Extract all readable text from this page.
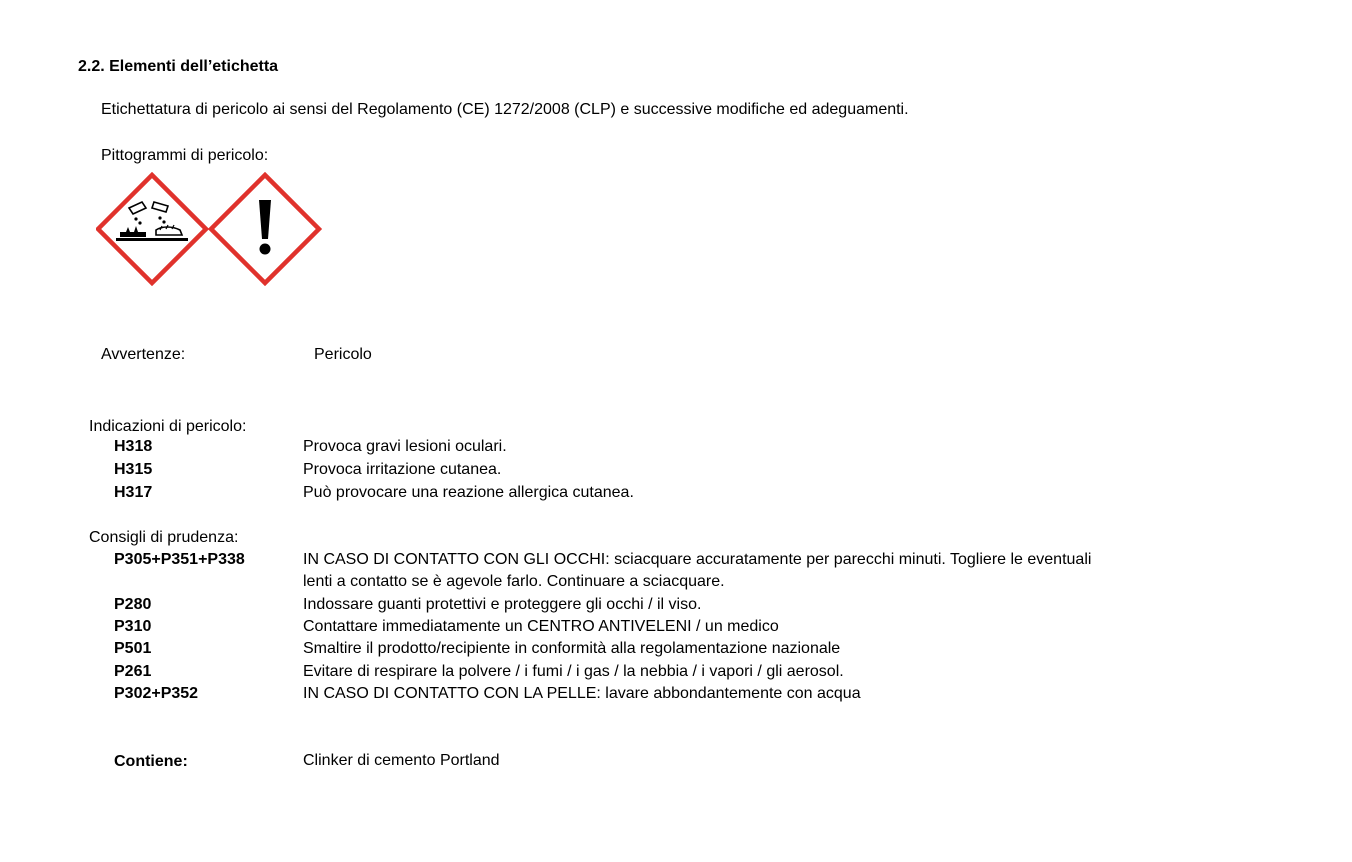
2.2. Elementi dell’etichetta
Etichettatura di pericolo ai sensi del Regolamento (CE) 1272/2008 (CLP) e successive modifiche ed adeguamenti.
Pittogrammi di pericolo:
Avvertenze:	Pericolo
Indicazioni di pericolo:
H318	Provoca gravi lesioni oculari.
H315	Provoca irritazione cutanea.
H317	Può provocare una reazione allergica cutanea.
Consigli di prudenza:
P305+P351+P338	IN CASO DI CONTATTO CON GLI OCCHI: sciacquare accuratamente per parecchi minuti. Togliere le eventuali
lenti a contatto se è agevole farlo. Continuare a sciacquare.
P280	Indossare guanti protettivi e proteggere gli occhi / il viso.
P310	Contattare immediatamente un CENTRO ANTIVELENI / un medico
P501	Smaltire il prodotto/recipiente in conformità alla regolamentazione nazionale
P261	Evitare di respirare la polvere / i fumi / i gas / la nebbia / i vapori / gli aerosol.
P302+P352	IN CASO DI CONTATTO CON LA PELLE: lavare abbondantemente con acqua
Contiene:	Clinker di cemento Portland
